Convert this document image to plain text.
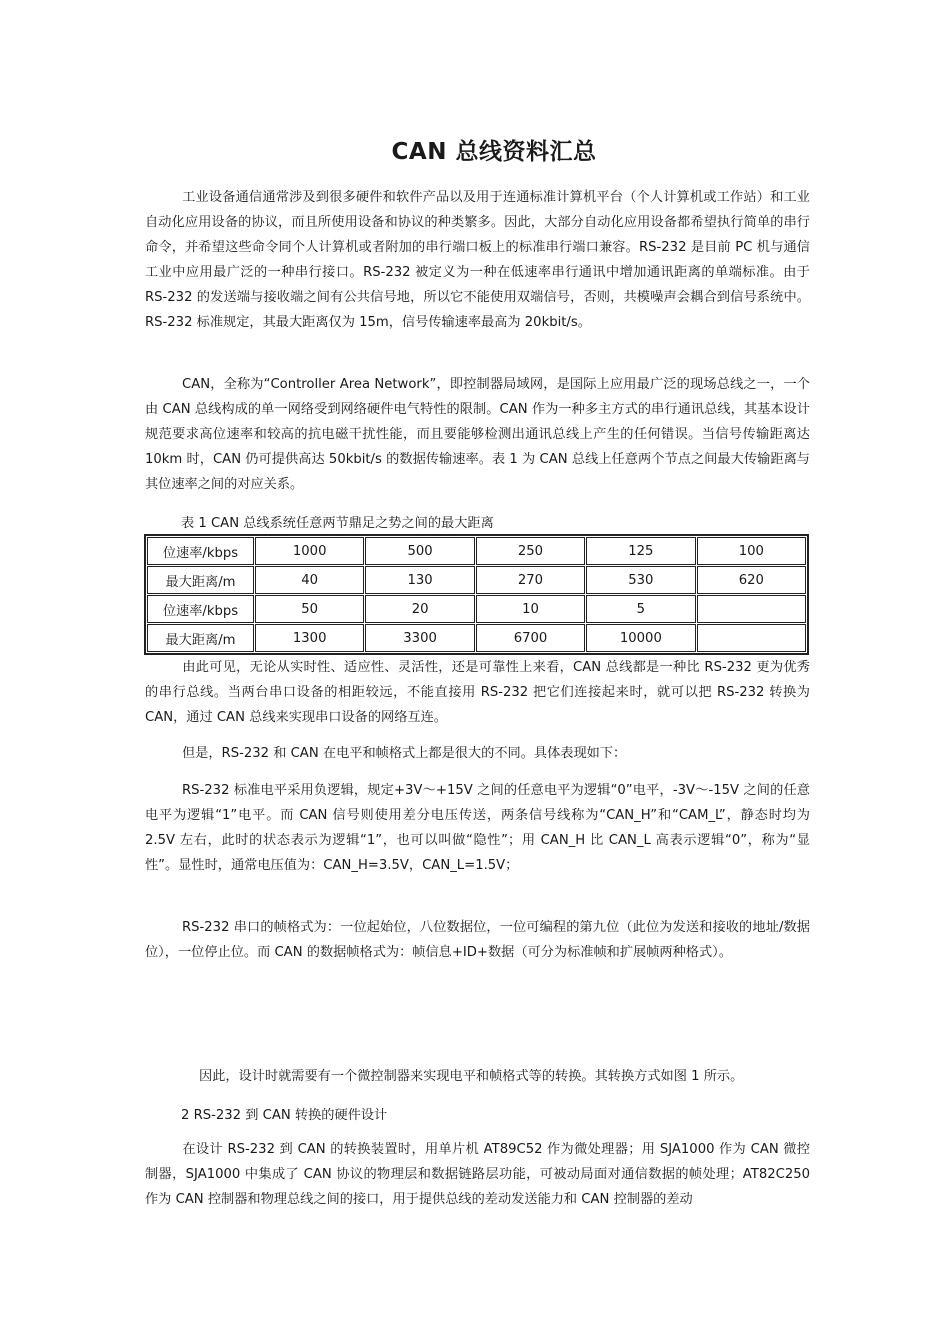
CAN 总线资料汇总

工业设备通信通常涉及到很多硬件和软件产品以及用于连通标准计算机平台（个人计算机或工作站）和工业自动化应用设备的协议，而且所使用设备和协议的种类繁多。因此，大部分自动化应用设备都希望执行简单的串行命令，并希望这些命令同个人计算机或者附加的串行端口板上的标准串行端口兼容。RS-232 是目前 PC 机与通信工业中应用最广泛的一种串行接口。RS-232 被定义为一种在低速率串行通讯中增加通讯距离的单端标准。由于 RS-232 的发送端与接收端之间有公共信号地，所以它不能使用双端信号，否则，共模噪声会耦合到信号系统中。RS-232 标准规定，其最大距离仅为 15m，信号传输速率最高为 20kbit/s。

CAN，全称为“Controller Area Network”，即控制器局域网，是国际上应用最广泛的现场总线之一，一个由 CAN 总线构成的单一网络受到网络硬件电气特性的限制。CAN 作为一种多主方式的串行通讯总线，其基本设计规范要求高位速率和较高的抗电磁干扰性能，而且要能够检测出通讯总线上产生的任何错误。当信号传输距离达 10km 时，CAN 仍可提供高达 50kbit/s 的数据传输速率。表 1 为 CAN 总线上任意两个节点之间最大传输距离与其位速率之间的对应关系。

表 1 CAN 总线系统任意两节鼎足之势之间的最大距离
位速率/kbps	1000	500	250	125	100
最大距离/m	40	130	270	530	620
位速率/kbps	50	20	10	5	
最大距离/m	1300	3300	6700	10000	

由此可见，无论从实时性、适应性、灵活性，还是可靠性上来看，CAN 总线都是一种比 RS-232 更为优秀的串行总线。当两台串口设备的相距较远，不能直接用 RS-232 把它们连接起来时，就可以把 RS-232 转换为 CAN，通过 CAN 总线来实现串口设备的网络互连。

但是，RS-232 和 CAN 在电平和帧格式上都是很大的不同。具体表现如下：

RS-232 标准电平采用负逻辑，规定+3V～+15V 之间的任意电平为逻辑“0”电平，-3V～-15V 之间的任意电平为逻辑“1”电平。而 CAN 信号则使用差分电压传送，两条信号线称为“CAN_H”和“CAM_L”，静态时均为 2.5V 左右，此时的状态表示为逻辑“1”，也可以叫做“隐性”；用 CAN_H 比 CAN_L 高表示逻辑“0”，称为“显性”。显性时，通常电压值为：CAN_H=3.5V，CAN_L=1.5V；

RS-232 串口的帧格式为：一位起始位，八位数据位，一位可编程的第九位（此位为发送和接收的地址/数据位），一位停止位。而 CAN 的数据帧格式为：帧信息+ID+数据（可分为标准帧和扩展帧两种格式）。

因此，设计时就需要有一个微控制器来实现电平和帧格式等的转换。其转换方式如图 1 所示。

2 RS-232 到 CAN 转换的硬件设计

在设计 RS-232 到 CAN 的转换装置时，用单片机 AT89C52 作为微处理器；用 SJA1000 作为 CAN 微控制器，SJA1000 中集成了 CAN 协议的物理层和数据链路层功能，可被动局面对通信数据的帧处理；AT82C250 作为 CAN 控制器和物理总线之间的接口，用于提供总线的差动发送能力和 CAN 控制器的差动
